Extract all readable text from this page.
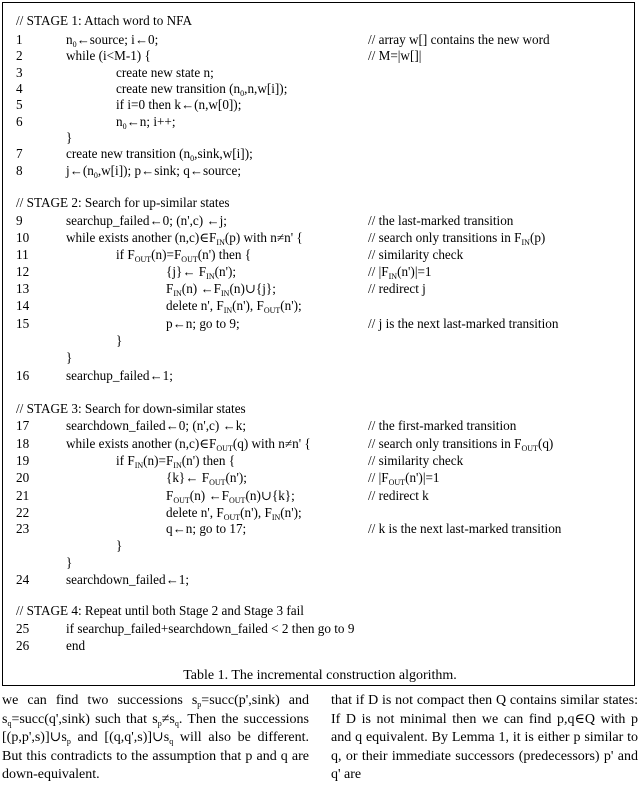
// STAGE 1: Attach word to NFA
1	$n_0\leftarrow source$; i←0;	// array w[] contains the new word
2	while (i<M-1) {	// M=|w[]|
3	create new state n;
4	create new transition $(n_0,n,w[i])$;
5	if i=0 then k←(n,w[0]);
6	$n_0\leftarrow n$; i++;
}
7	create new transition $(n_0,\sin k,w[i])$;
8	$j\leftarrow(n_0,w[i])$; p←sink; q←source;
// STAGE 2: Search for up-similar states
9	searchup_failed←0; (n',c) ←j;	// the last-marked transition
10	while exists another $(n,c)\in F_{IN}(p)$ with n≠n' {	// search only transitions in $F_{IN}(p)$
11	if $F_{OUT}(n)=F_{OUT}(n')$ then {	// similarity check
12	{j}← $F_{IN}(n')$;	// $|F_{IN}(n')|=1$
13	$F_{IN}(n)$ $\leftarrow F_{IN}(n)\cup\{j\}$;	// redirect j
14	delete n', $F_{IN}(n')$, $F_{OUT}(n')$;
15	p←n; go to 9;	// j is the next last-marked transition
}
}
16	searchup_failed←1;
// STAGE 3: Search for down-similar states
17	searchdown_failed←0; (n',c) ←k;	// the first-marked transition
18	while exists another $(n,c)\in F_{OUT}(q)$ with n≠n' {	// search only transitions in $F_{OUT}(q)$
19	if $F_{IN}(n)=F_{IN}(n')$ then {	// similarity check
20	{k}← $F_{OUT}(n')$;	// $|F_{OUT}(n')|=1$
21	$F_{OUT}(n)$ $\leftarrow F_{OUT}(n)\cup\{k\}$;	// redirect k
22	delete n', $F_{OUT}(n')$, $F_{IN}(n')$;
23	q←n; go to 17;	// k is the next last-marked transition
}
}
24	searchdown_failed←1;
// STAGE 4: Repeat until both Stage 2 and Stage 3 fail
25	if searchup_failed+searchdown_failed < 2 then go to 9
26	end
Table 1. The incremental construction algorithm.

we can find two successions $s_p=succ(p',\sin k)$ and $s_q=succ(q',\sin k)$ such that $s_p\ne s_q$. Then the successions $[(p,p',s)]\cup s_p$ and $[(q,q',s)]\cup s_q$ will also be different. But this contradicts to the assumption that p and q are down-equivalent.

that if D is not compact then Q contains similar states: If D is not minimal then we can find p,q∈Q with p and q equivalent. By Lemma 1, it is either p similar to q, or their immediate successors (predecessors) p' and q' are
